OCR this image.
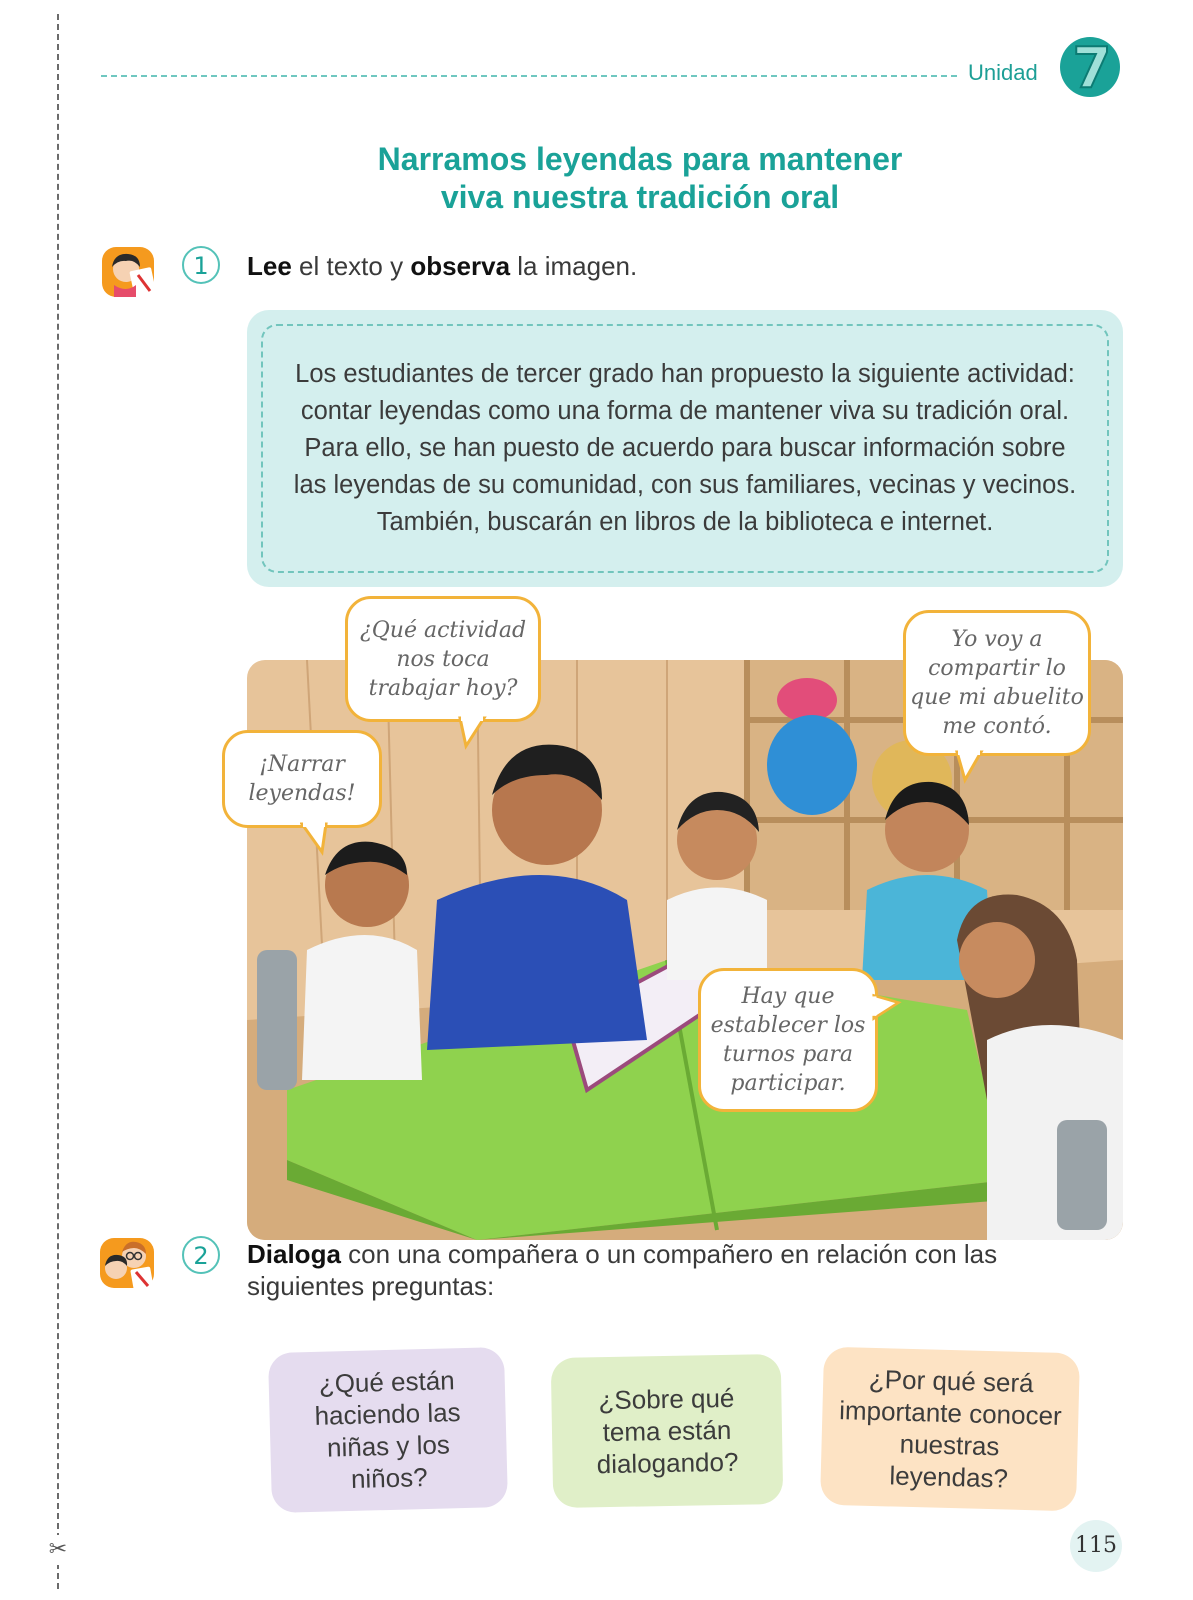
✂
Unidad 7
Narramos leyendas para mantener
viva nuestra tradición oral
1	Lee el texto y observa la imagen.
Los estudiantes de tercer grado han propuesto la siguiente actividad: contar leyendas como una forma de mantener viva su tradición oral. Para ello, se han puesto de acuerdo para buscar información sobre las leyendas de su comunidad, con sus familiares, vecinas y vecinos. También, buscarán en libros de la biblioteca e internet.
¿Qué actividad nos toca trabajar hoy?
¡Narrar leyendas!
Yo voy a compartir lo que mi abuelito me contó.
Hay que establecer los turnos para participar.
2	Dialoga con una compañera o un compañero en relación con las siguientes preguntas:
¿Qué están haciendo las niñas y los niños?
¿Sobre qué tema están dialogando?
¿Por qué será importante conocer nuestras leyendas?
115
